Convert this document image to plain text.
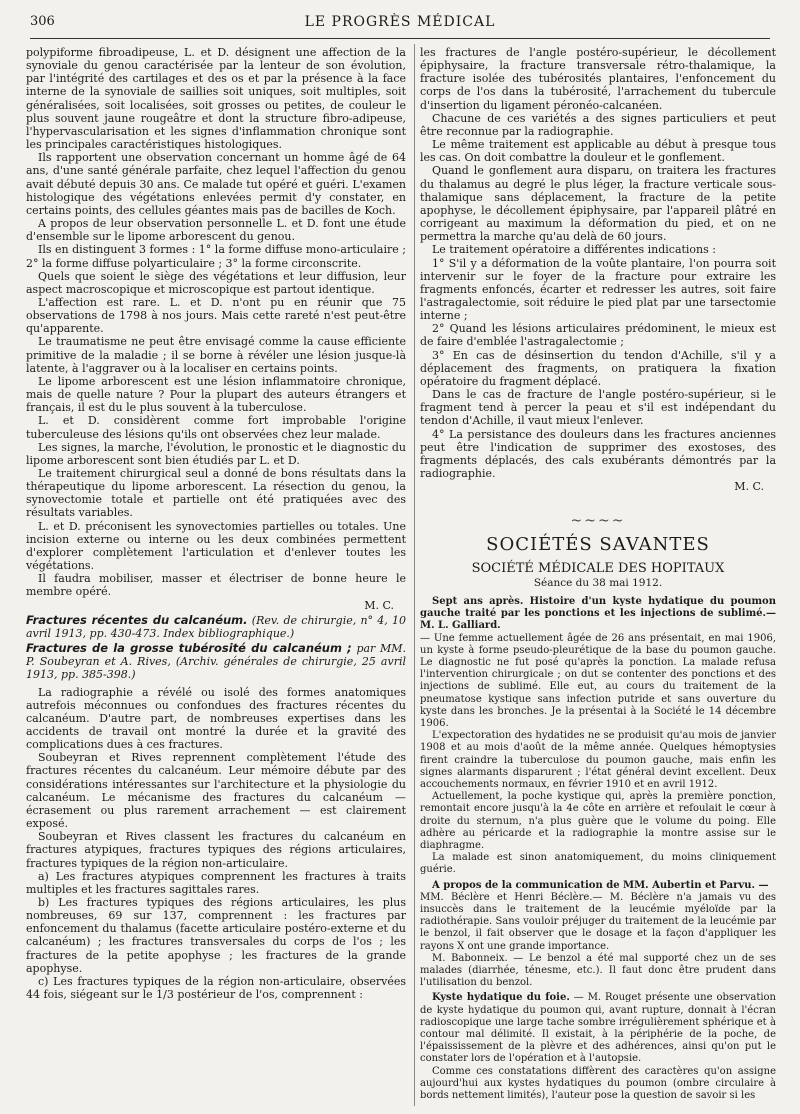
306	LE PROGRÈS MÉDICAL

polypiforme fibroadipeuse, L. et D. désignent une affection de la synoviale du genou caractérisée par la lenteur de son évolution, par l'intégrité des cartilages et des os et par la présence à la face interne de la synoviale de saillies soit uniques, soit multiples, soit généralisées, soit localisées, soit grosses ou petites, de couleur le plus souvent jaune rougeâtre et dont la structure fibro-adipeuse, l'hypervascularisation et les signes d'inflammation chronique sont les principales caractéristiques histologiques.

Ils rapportent une observation concernant un homme âgé de 64 ans, d'une santé générale parfaite, chez lequel l'affection du genou avait débuté depuis 30 ans. Ce malade tut opéré et guéri. L'examen histologique des végétations enlevées permit d'y constater, en certains points, des cellules géantes mais pas de bacilles de Koch.

A propos de leur observation personnelle L. et D. font une étude d'ensemble sur le lipome arborescent du genou.

Ils en distinguent 3 formes : 1° la forme diffuse mono-articulaire ; 2° la forme diffuse polyarticulaire ; 3° la forme circonscrite.

Quels que soient le siège des végétations et leur diffusion, leur aspect macroscopique et microscopique est partout identique.

L'affection est rare. L. et D. n'ont pu en réunir que 75 observations de 1798 à nos jours. Mais cette rareté n'est peut-être qu'apparente.

Le traumatisme ne peut être envisagé comme la cause efficiente primitive de la maladie ; il se borne à révéler une lésion jusque-là latente, à l'aggraver ou à la localiser en certains points.

Le lipome arborescent est une lésion inflammatoire chronique, mais de quelle nature ? Pour la plupart des auteurs étrangers et français, il est du le plus souvent à la tuberculose.

L. et D. considèrent comme fort improbable l'origine tuberculeuse des lésions qu'ils ont observées chez leur malade.

Les signes, la marche, l'évolution, le pronostic et le diagnostic du lipome arborescent sont bien étudiés par L. et D.

Le traitement chirurgical seul a donné de bons résultats dans la thérapeutique du lipome arborescent. La résection du genou, la synovectomie totale et partielle ont été pratiquées avec des résultats variables.

L. et D. préconisent les synovectomies partielles ou totales. Une incision externe ou interne ou les deux combinées permettent d'explorer complètement l'articulation et d'enlever toutes les végétations.

Il faudra mobiliser, masser et électriser de bonne heure le membre opéré.

M. C.

Fractures récentes du calcanéum. (Rev. de chirurgie, n° 4, 10 avril 1913, pp. 430-473. Index bibliographique.)

Fractures de la grosse tubérosité du calcanéum ; par MM. P. Soubeyran et A. Rives, (Archiv. générales de chirurgie, 25 avril 1913, pp. 385-398.)

La radiographie a révélé ou isolé des formes anatomiques autrefois méconnues ou confondues des fractures récentes du calcanéum. D'autre part, de nombreuses expertises dans les accidents de travail ont montré la durée et la gravité des complications dues à ces fractures.

Soubeyran et Rives reprennent complètement l'étude des fractures récentes du calcanéum. Leur mémoire débute par des considérations intéressantes sur l'architecture et la physiologie du calcanéum. Le mécanisme des fractures du calcanéum — écrasement ou plus rarement arrachement — est clairement exposé.

Soubeyran et Rives classent les fractures du calcanéum en fractures atypiques, fractures typiques des régions articulaires, fractures typiques de la région non-articulaire.

a) Les fractures atypiques comprennent les fractures à traits multiples et les fractures sagittales rares.

b) Les fractures typiques des régions articulaires, les plus nombreuses, 69 sur 137, comprennent : les fractures par enfoncement du thalamus (facette articulaire postéro-externe et du calcanéum) ; les fractures transversales du corps de l'os ; les fractures de la petite apophyse ; les fractures de la grande apophyse.

c) Les fractures typiques de la région non-articulaire, observées 44 fois, siégeant sur le 1/3 postérieur de l'os, comprennent :

les fractures de l'angle postéro-supérieur, le décollement épiphysaire, la fracture transversale rétro-thalamique, la fracture isolée des tubérosités plantaires, l'enfoncement du corps de l'os dans la tubérosité, l'arrachement du tubercule d'insertion du ligament péronéo-calcanéen.

Chacune de ces variétés a des signes particuliers et peut être reconnue par la radiographie.

Le même traitement est applicable au début à presque tous les cas. On doit combattre la douleur et le gonflement.

Quand le gonflement aura disparu, on traitera les fractures du thalamus au degré le plus léger, la fracture verticale sous-thalamique sans déplacement, la fracture de la petite apophyse, le décollement épiphysaire, par l'appareil plâtré en corrigeant au maximum la déformation du pied, et on ne permettra la marche qu'au delà de 60 jours.

Le traitement opératoire a différentes indications :

1° S'il y a déformation de la voûte plantaire, l'on pourra soit intervenir sur le foyer de la fracture pour extraire les fragments enfoncés, écarter et redresser les autres, soit faire l'astragalectomie, soit réduire le pied plat par une tarsectomie interne ;

2° Quand les lésions articulaires prédominent, le mieux est de faire d'emblée l'astragalectomie ;

3° En cas de désinsertion du tendon d'Achille, s'il y a déplacement des fragments, on pratiquera la fixation opératoire du fragment déplacé.

Dans le cas de fracture de l'angle postéro-supérieur, si le fragment tend à percer la peau et s'il est indépendant du tendon d'Achille, il vaut mieux l'enlever.

4° La persistance des douleurs dans les fractures anciennes peut être l'indication de supprimer des exostoses, des fragments déplacés, des cals exubérants démontrés par la radiographie.

M. C.
~~~~
SOCIÉTÉS SAVANTES
SOCIÉTÉ MÉDICALE DES HOPITAUX
Séance du 38 mai 1912.

Sept ans après. Histoire d'un kyste hydatique du poumon gauche traité par les ponctions et les injections de sublimé.— M. L. Galliard.

— Une femme actuellement âgée de 26 ans présentait, en mai 1906, un kyste à forme pseudo-pleurétique de la base du poumon gauche. Le diagnostic ne fut posé qu'après la ponction. La malade refusa l'intervention chirurgicale ; on dut se contenter des ponctions et des injections de sublimé. Elle eut, au cours du traitement de la pneumatose kystique sans infection putride et sans ouverture du kyste dans les bronches. Je la présentai à la Société le 14 décembre 1906.

L'expectoration des hydatides ne se produisit qu'au mois de janvier 1908 et au mois d'août de la même année. Quelques hémoptysies firent craindre la tuberculose du poumon gauche, mais enfin les signes alarmants disparurent ; l'état général devint excellent. Deux accouchements normaux, en février 1910 et en avril 1912.

Actuellement, la poche kystique qui, après la première ponction, remontait encore jusqu'à la 4e côte en arrière et refoulait le cœur à droite du sternum, n'a plus guère que le volume du poing. Elle adhère au péricarde et la radiographie la montre assise sur le diaphragme.

La malade est sinon anatomiquement, du moins cliniquement guérie.

A propos de la communication de MM. Aubertin et Parvu. —

MM. Béclère et Henri Béclère.— M. Béclère n'a jamais vu des insuccès dans le traitement de la leucémie myéloïde par la radiothérapie. Sans vouloir préjuger du traitement de la leucémie par le benzol, il fait observer que le dosage et la façon d'appliquer les rayons X ont une grande importance.

M. Babonneix. — Le benzol a été mal supporté chez un de ses malades (diarrhée, ténesme, etc.). Il faut donc être prudent dans l'utilisation du benzol.

Kyste hydatique du foie. — M. Rouget présente une observation de kyste hydatique du poumon qui, avant rupture, donnait à l'écran radioscopique une large tache sombre irrégulièrement sphérique et à contour mal délimité. Il existait, à la périphérie de la poche, de l'épaississement de la plèvre et des adhérences, ainsi qu'on put le constater lors de l'opération et à l'autopsie.

Comme ces constatations diffèrent des caractères qu'on assigne aujourd'hui aux kystes hydatiques du poumon (ombre circulaire à bords nettement limités), l'auteur pose la question de savoir si les
